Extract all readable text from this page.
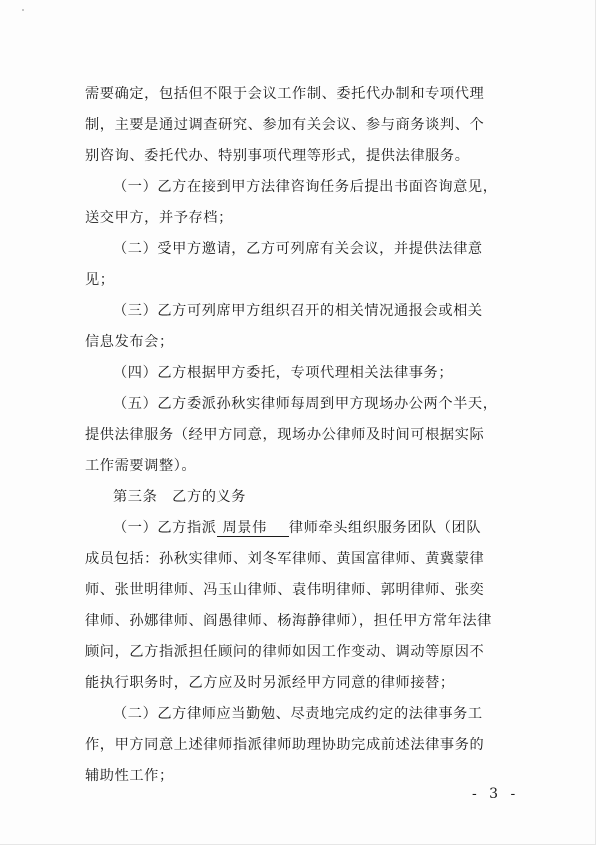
需要确定，包括但不限于会议工作制、委托代办制和专项代理
制，主要是通过调查研究、参加有关会议、参与商务谈判、个
别咨询、委托代办、特别事项代理等形式，提供法律服务。
（一）乙方在接到甲方法律咨询任务后提出书面咨询意见，
送交甲方，并予存档；
（二）受甲方邀请，乙方可列席有关会议，并提供法律意
见；
（三）乙方可列席甲方组织召开的相关情况通报会或相关
信息发布会；
（四）乙方根据甲方委托，专项代理相关法律事务；
（五）乙方委派孙秋实律师每周到甲方现场办公两个半天，
提供法律服务（经甲方同意，现场办公律师及时间可根据实际
工作需要调整）。
第三条　乙方的义务
（一）乙方指派 周景伟 律师牵头组织服务团队（团队
成员包括：孙秋实律师、刘冬军律师、黄国富律师、黄冀蒙律
师、张世明律师、冯玉山律师、袁伟明律师、郭明律师、张奕
律师、孙娜律师、阎愚律师、杨海静律师），担任甲方常年法律
顾问，乙方指派担任顾问的律师如因工作变动、调动等原因不
能执行职务时，乙方应及时另派经甲方同意的律师接替；
（二）乙方律师应当勤勉、尽责地完成约定的法律事务工
作，甲方同意上述律师指派律师助理协助完成前述法律事务的
辅助性工作；
- 3 -
